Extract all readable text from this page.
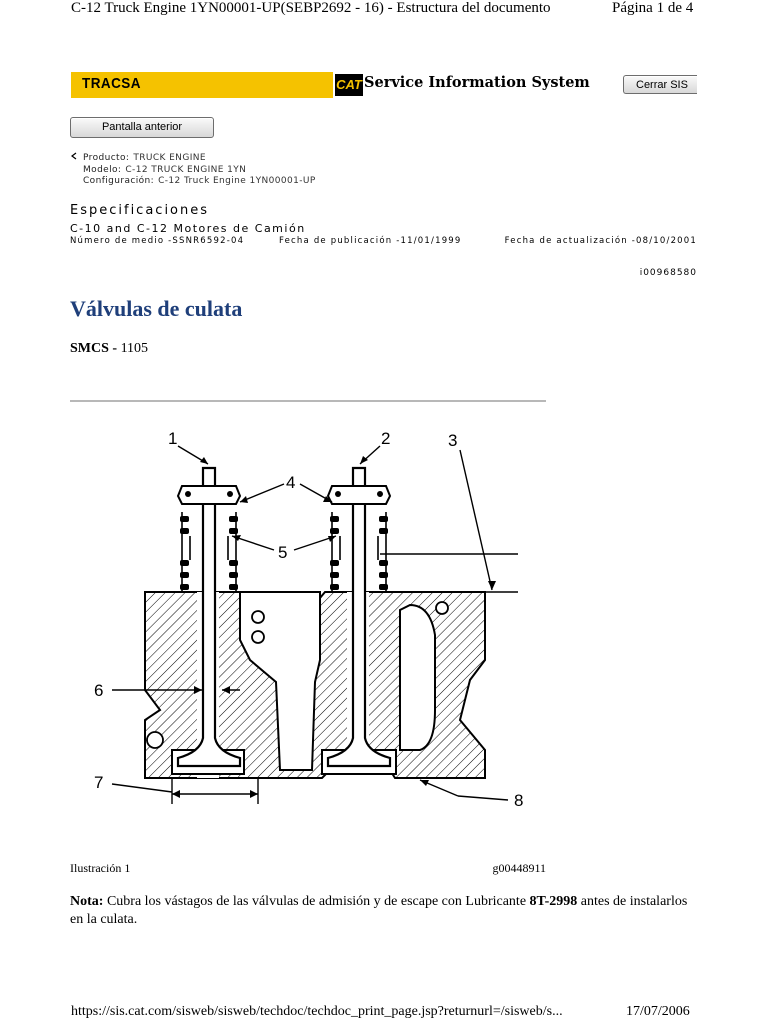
C-12 Truck Engine 1YN00001-UP(SEBP2692 - 16) - Estructura del documento	Página 1 de 4
TRACSA	CAT Service Information System	Cerrar SIS
Pantalla anterior
Producto: TRUCK ENGINE
Modelo: C-12 TRUCK ENGINE 1YN
Configuración: C-12 Truck Engine 1YN00001-UP
Especificaciones
C-10 and C-12 Motores de Camión
Número de medio -SSNR6592-04	Fecha de publicación -11/01/1999	Fecha de actualización -08/10/2001
i00968580
Válvulas de culata
SMCS - 1105
1	2	3
4
5
6
7
8
Ilustración 1	g00448911
Nota: Cubra los vástagos de las válvulas de admisión y de escape con Lubricante 8T-2998 antes de instalarlos en la culata.
https://sis.cat.com/sisweb/sisweb/techdoc/techdoc_print_page.jsp?returnurl=/sisweb/s...	17/07/2006
